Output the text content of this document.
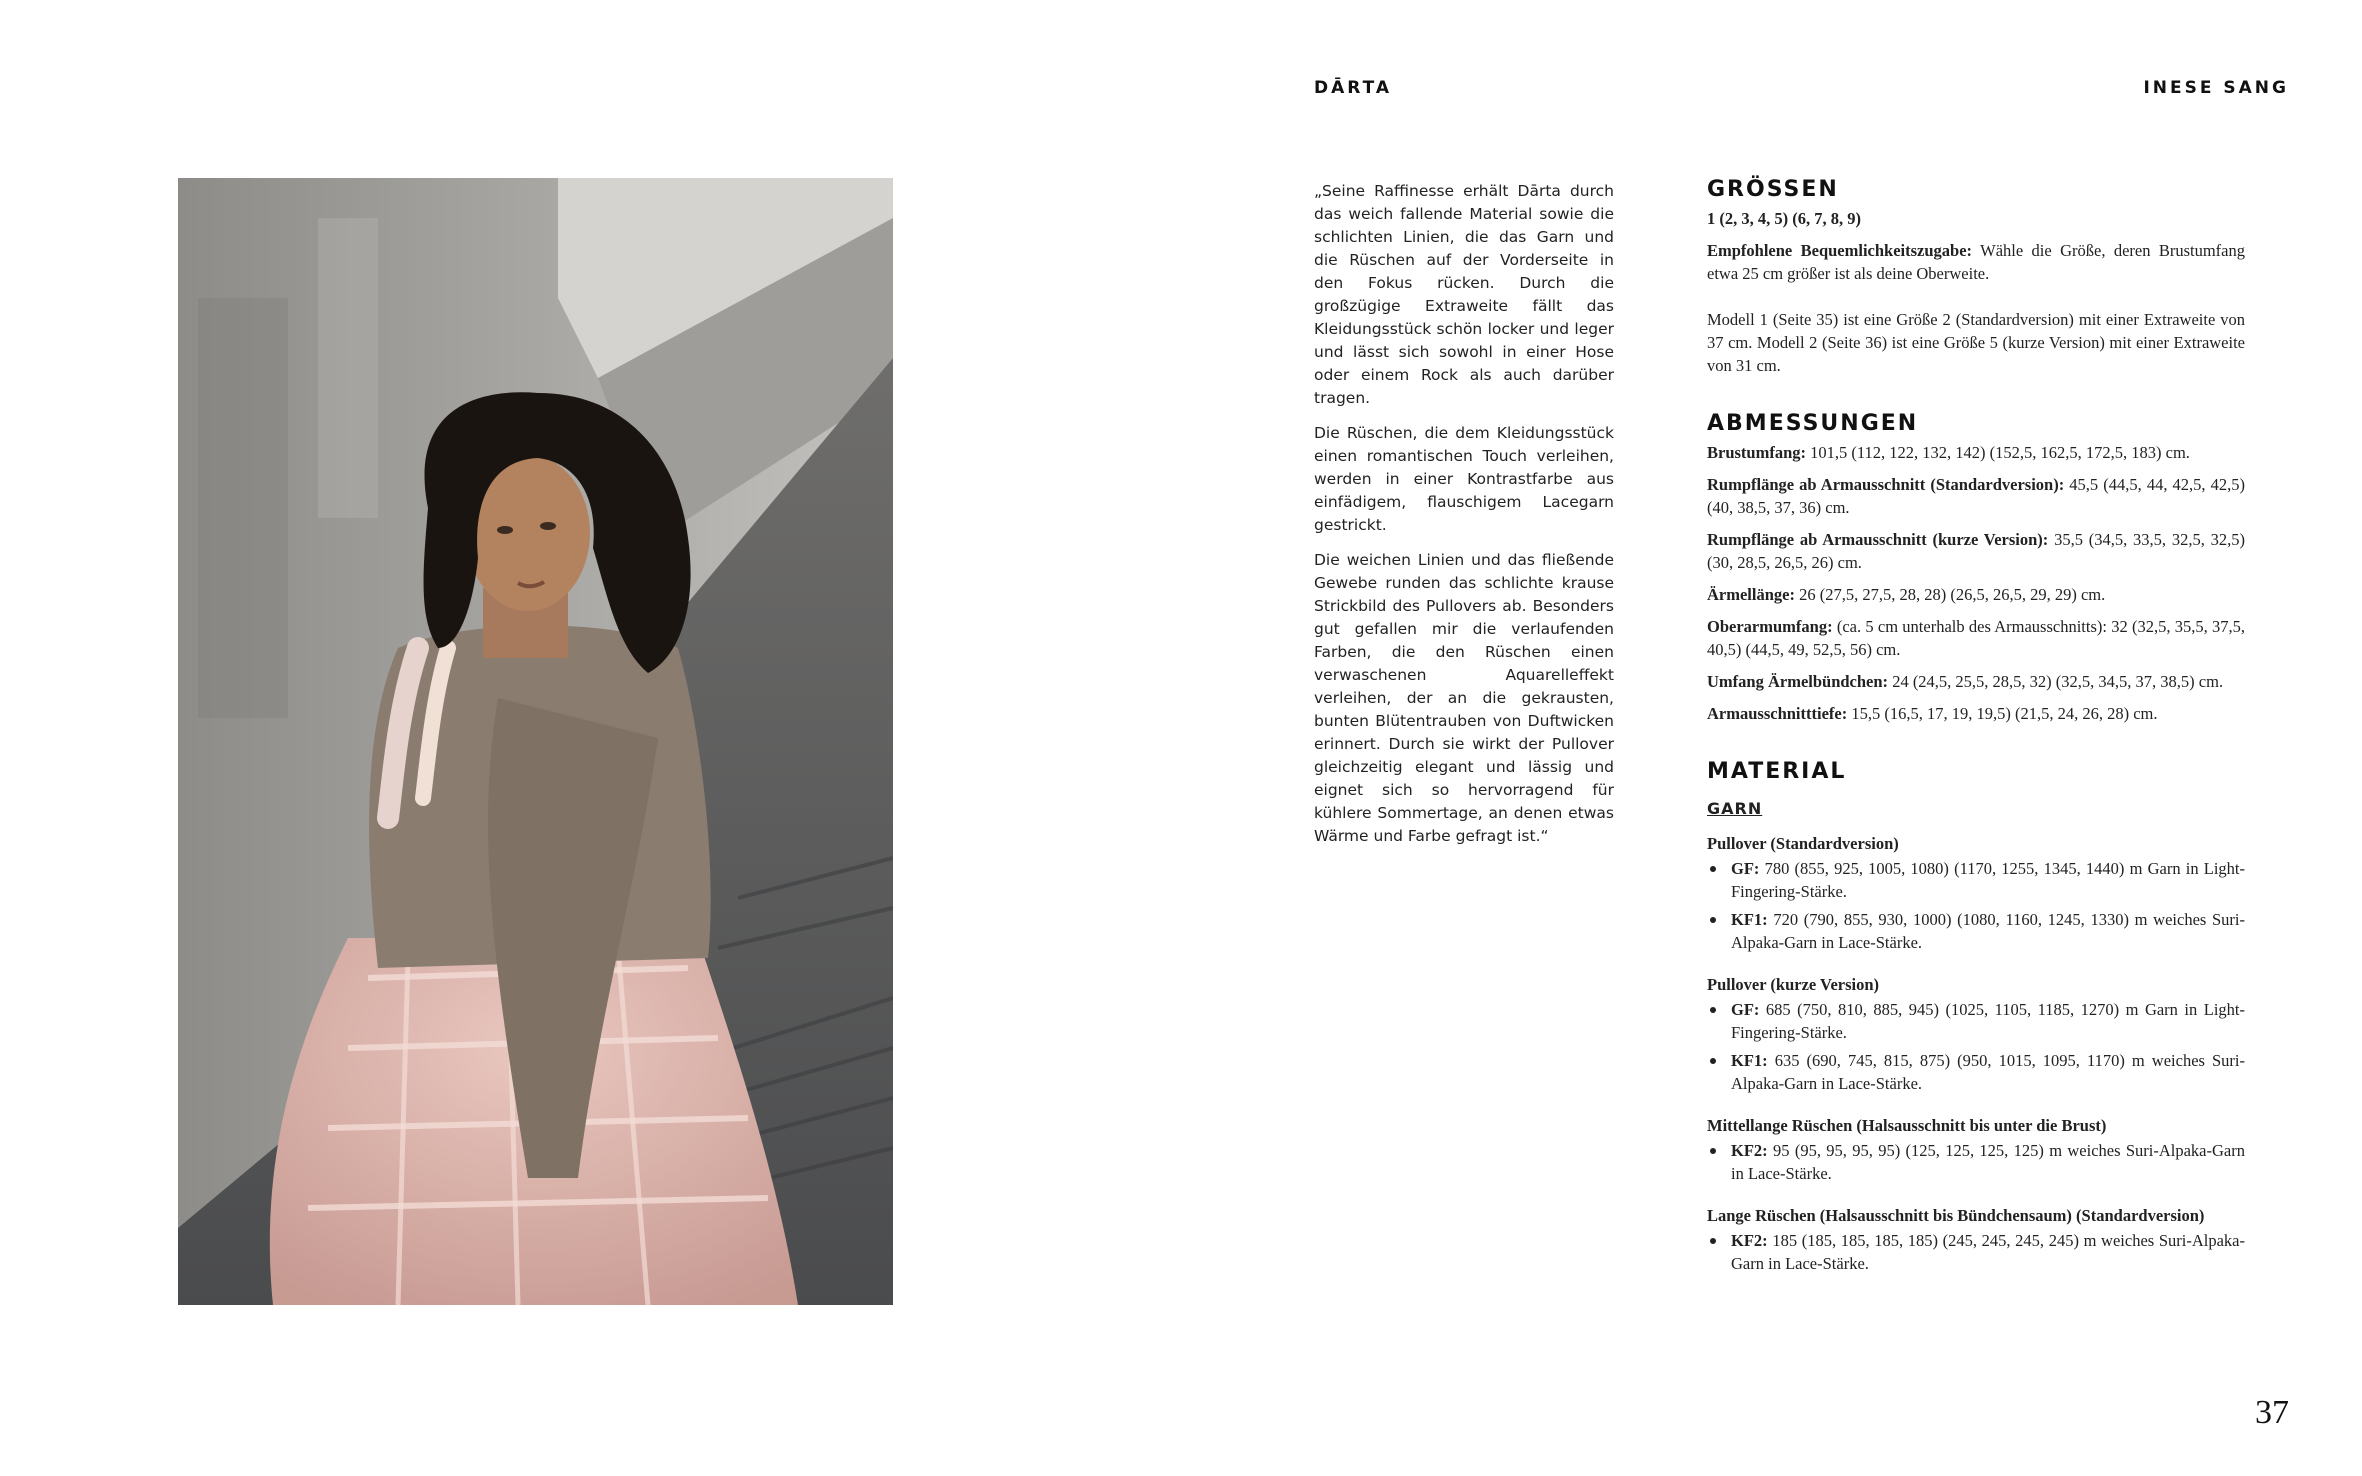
DĀRTA	INESE SANG

„Seine Raffinesse erhält Dārta durch das weich fallende Material sowie die schlichten Linien, die das Garn und die Rüschen auf der Vorderseite in den Fokus rücken. Durch die großzügige Extraweite fällt das Kleidungsstück schön locker und leger und lässt sich sowohl in einer Hose oder einem Rock als auch darüber tragen.

Die Rüschen, die dem Kleidungsstück einen romantischen Touch verleihen, werden in einer Kontrastfarbe aus einfädigem, flauschigem Lacegarn gestrickt.

Die weichen Linien und das fließende Gewebe runden das schlichte krause Strickbild des Pullovers ab. Besonders gut gefallen mir die verlaufenden Farben, die den Rüschen einen verwaschenen Aquarelleffekt verleihen, der an die gekrausten, bunten Blütentrauben von Duftwicken erinnert. Durch sie wirkt der Pullover gleichzeitig elegant und lässig und eignet sich so hervorragend für kühlere Sommertage, an denen etwas Wärme und Farbe gefragt ist.“

GRÖSSEN
1 (2, 3, 4, 5) (6, 7, 8, 9)
Empfohlene Bequemlichkeitszugabe: Wähle die Größe, deren Brustumfang etwa 25 cm größer ist als deine Oberweite.
Modell 1 (Seite 35) ist eine Größe 2 (Standardversion) mit einer Extraweite von 37 cm. Modell 2 (Seite 36) ist eine Größe 5 (kurze Version) mit einer Extraweite von 31 cm.
ABMESSUNGEN
Brustumfang: 101,5 (112, 122, 132, 142) (152,5, 162,5, 172,5, 183) cm.
Rumpflänge ab Armausschnitt (Standardversion): 45,5 (44,5, 44, 42,5, 42,5) (40, 38,5, 37, 36) cm.
Rumpflänge ab Armausschnitt (kurze Version): 35,5 (34,5, 33,5, 32,5, 32,5) (30, 28,5, 26,5, 26) cm.
Ärmellänge: 26 (27,5, 27,5, 28, 28) (26,5, 26,5, 29, 29) cm.
Oberarmumfang: (ca. 5 cm unterhalb des Armausschnitts): 32 (32,5, 35,5, 37,5, 40,5) (44,5, 49, 52,5, 56) cm.
Umfang Ärmelbündchen: 24 (24,5, 25,5, 28,5, 32) (32,5, 34,5, 37, 38,5) cm.
Armausschnitttiefe: 15,5 (16,5, 17, 19, 19,5) (21,5, 24, 26, 28) cm.
MATERIAL
GARN
Pullover (Standardversion)
GF: 780 (855, 925, 1005, 1080) (1170, 1255, 1345, 1440) m Garn in Light-Fingering-Stärke.
KF1: 720 (790, 855, 930, 1000) (1080, 1160, 1245, 1330) m weiches Suri-Alpaka-Garn in Lace-Stärke.
Pullover (kurze Version)
GF: 685 (750, 810, 885, 945) (1025, 1105, 1185, 1270) m Garn in Light-Fingering-Stärke.
KF1: 635 (690, 745, 815, 875) (950, 1015, 1095, 1170) m weiches Suri-Alpaka-Garn in Lace-Stärke.
Mittellange Rüschen (Halsausschnitt bis unter die Brust)
KF2: 95 (95, 95, 95, 95) (125, 125, 125, 125) m weiches Suri-Alpaka-Garn in Lace-Stärke.
Lange Rüschen (Halsausschnitt bis Bündchensaum) (Standardversion)
KF2: 185 (185, 185, 185, 185) (245, 245, 245, 245) m weiches Suri-Alpaka-Garn in Lace-Stärke.
37
